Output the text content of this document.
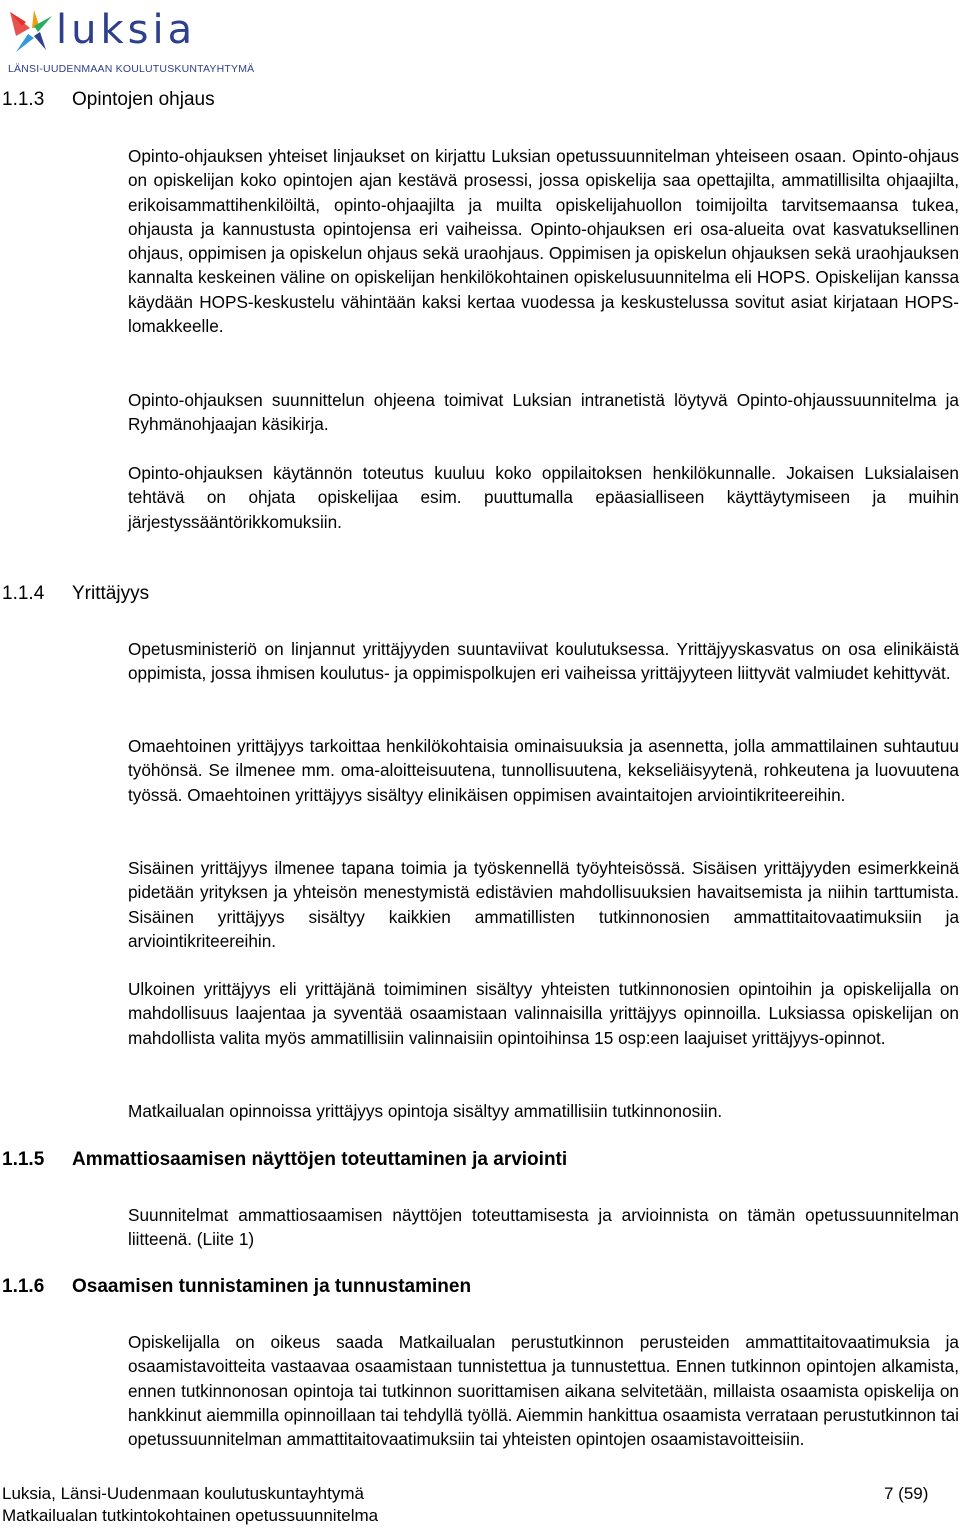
luksia
LÄNSI-UUDENMAAN KOULUTUSKUNTAYHTYMÄ
1.1.3 Opintojen ohjaus

Opinto-ohjauksen yhteiset linjaukset on kirjattu Luksian opetussuunnitelman yhteiseen osaan. Opinto-ohjaus on opiskelijan koko opintojen ajan kestävä prosessi, jossa opiskelija saa opettajilta, ammatillisilta ohjaajilta, erikoisammattihenkilöiltä, opinto-ohjaajilta ja muilta opiskelijahuollon toimijoilta tarvitsemaansa tukea, ohjausta ja kannustusta opintojensa eri vaiheissa. Opinto-ohjauksen eri osa-alueita ovat kasvatuksellinen ohjaus, oppimisen ja opiskelun ohjaus sekä uraohjaus. Oppimisen ja opiskelun ohjauksen sekä uraohjauksen kannalta keskeinen väline on opiskelijan henkilökohtainen opiskelusuunnitelma eli HOPS. Opiskelijan kanssa käydään HOPS-keskustelu vähintään kaksi kertaa vuodessa ja keskustelussa sovitut asiat kirjataan HOPS-lomakkeelle.

Opinto-ohjauksen suunnittelun ohjeena toimivat Luksian intranetistä löytyvä Opinto-ohjaussuunnitelma ja Ryhmänohjaajan käsikirja.

Opinto-ohjauksen käytännön toteutus kuuluu koko oppilaitoksen henkilökunnalle. Jokaisen Luksialaisen tehtävä on ohjata opiskelijaa esim. puuttumalla epäasialliseen käyttäytymiseen ja muihin järjestyssääntörikkomuksiin.

1.1.4 Yrittäjyys

Opetusministeriö on linjannut yrittäjyyden suuntaviivat koulutuksessa. Yrittäjyyskasvatus on osa elinikäistä oppimista, jossa ihmisen koulutus- ja oppimispolkujen eri vaiheissa yrittäjyyteen liittyvät valmiudet kehittyvät.

Omaehtoinen yrittäjyys tarkoittaa henkilökohtaisia ominaisuuksia ja asennetta, jolla ammattilainen suhtautuu työhönsä. Se ilmenee mm. oma-aloitteisuutena, tunnollisuutena, kekseliäisyytenä, rohkeutena ja luovuutena työssä. Omaehtoinen yrittäjyys sisältyy elinikäisen oppimisen avaintaitojen arviointikriteereihin.

Sisäinen yrittäjyys ilmenee tapana toimia ja työskennellä työyhteisössä. Sisäisen yrittäjyyden esimerkkeinä pidetään yrityksen ja yhteisön menestymistä edistävien mahdollisuuksien havaitsemista ja niihin tarttumista. Sisäinen yrittäjyys sisältyy kaikkien ammatillisten tutkinnonosien ammattitaitovaatimuksiin ja arviointikriteereihin.

Ulkoinen yrittäjyys eli yrittäjänä toimiminen sisältyy yhteisten tutkinnonosien opintoihin ja opiskelijalla on mahdollisuus laajentaa ja syventää osaamistaan valinnaisilla yrittäjyys opinnoilla. Luksiassa opiskelijan on mahdollista valita myös ammatillisiin valinnaisiin opintoihinsa 15 osp:een laajuiset yrittäjyys-opinnot.

Matkailualan opinnoissa yrittäjyys opintoja sisältyy ammatillisiin tutkinnonosiin.

1.1.5 Ammattiosaamisen näyttöjen toteuttaminen ja arviointi

Suunnitelmat ammattiosaamisen näyttöjen toteuttamisesta ja arvioinnista on tämän opetussuunnitelman liitteenä. (Liite 1)

1.1.6 Osaamisen tunnistaminen ja tunnustaminen

Opiskelijalla on oikeus saada Matkailualan perustutkinnon perusteiden ammattitaitovaatimuksia ja osaamistavoitteita vastaavaa osaamistaan tunnistettua ja tunnustettua. Ennen tutkinnon opintojen alkamista, ennen tutkinnonosan opintoja tai tutkinnon suorittamisen aikana selvitetään, millaista osaamista opiskelija on hankkinut aiemmilla opinnoillaan tai tehdyllä työllä. Aiemmin hankittua osaamista verrataan perustutkinnon tai opetussuunnitelman ammattitaitovaatimuksiin tai yhteisten opintojen osaamistavoitteisiin.

Luksia, Länsi-Uudenmaan koulutuskuntayhtymä
Matkailualan tutkintokohtainen opetussuunnitelma
7 (59)
